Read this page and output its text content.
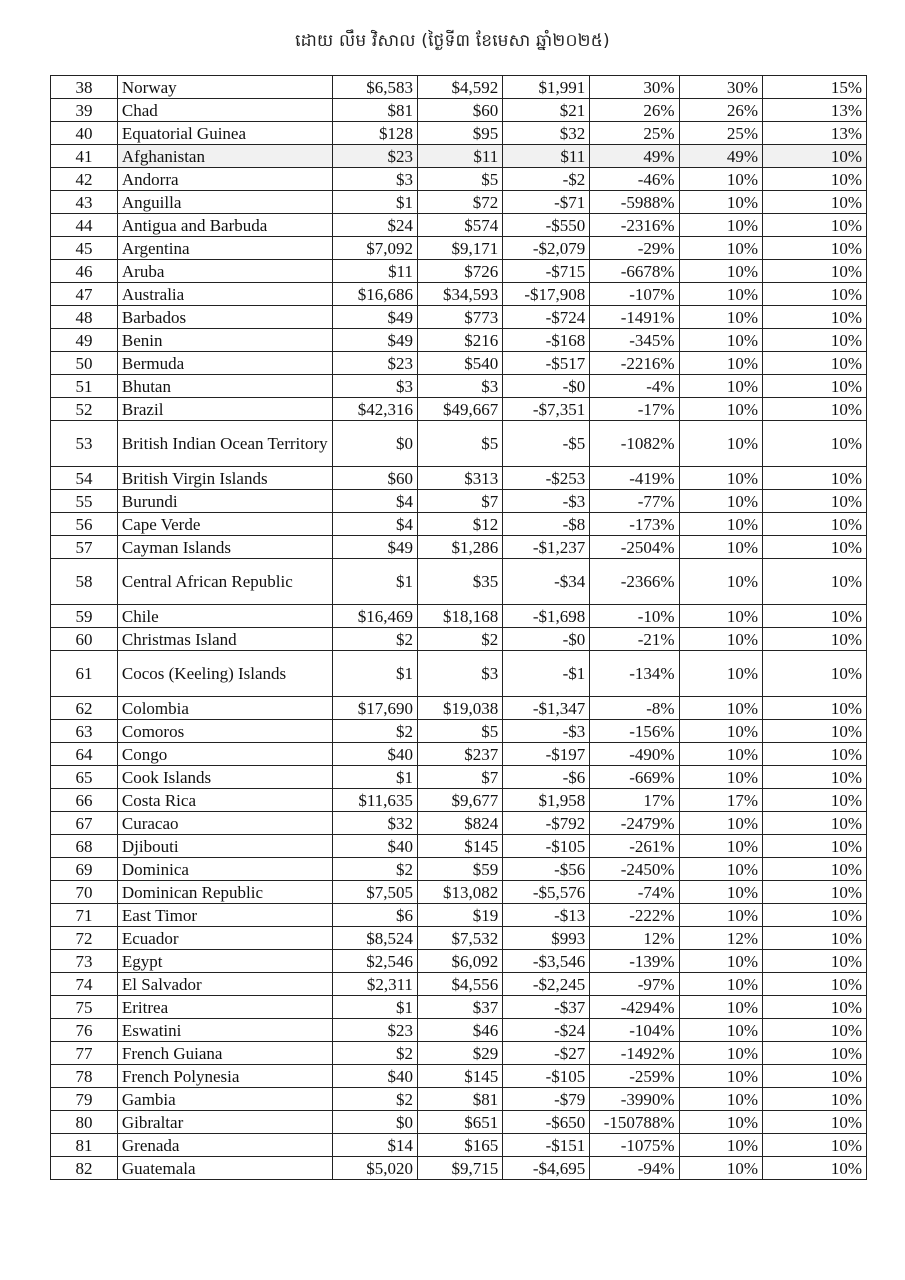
ដោយ លឹម វិសាល (ថ្ងៃទី៣ ខែមេសា ឆ្នាំ២០២៥)
38	Norway	$6,583	$4,592	$1,991	30%	30%	15%
39	Chad	$81	$60	$21	26%	26%	13%
40	Equatorial Guinea	$128	$95	$32	25%	25%	13%
41	Afghanistan	$23	$11	$11	49%	49%	10%
42	Andorra	$3	$5	-$2	-46%	10%	10%
43	Anguilla	$1	$72	-$71	-5988%	10%	10%
44	Antigua and Barbuda	$24	$574	-$550	-2316%	10%	10%
45	Argentina	$7,092	$9,171	-$2,079	-29%	10%	10%
46	Aruba	$11	$726	-$715	-6678%	10%	10%
47	Australia	$16,686	$34,593	-$17,908	-107%	10%	10%
48	Barbados	$49	$773	-$724	-1491%	10%	10%
49	Benin	$49	$216	-$168	-345%	10%	10%
50	Bermuda	$23	$540	-$517	-2216%	10%	10%
51	Bhutan	$3	$3	-$0	-4%	10%	10%
52	Brazil	$42,316	$49,667	-$7,351	-17%	10%	10%
53	British Indian Ocean Territory	$0	$5	-$5	-1082%	10%	10%
54	British Virgin Islands	$60	$313	-$253	-419%	10%	10%
55	Burundi	$4	$7	-$3	-77%	10%	10%
56	Cape Verde	$4	$12	-$8	-173%	10%	10%
57	Cayman Islands	$49	$1,286	-$1,237	-2504%	10%	10%
58	Central African Republic	$1	$35	-$34	-2366%	10%	10%
59	Chile	$16,469	$18,168	-$1,698	-10%	10%	10%
60	Christmas Island	$2	$2	-$0	-21%	10%	10%
61	Cocos (Keeling) Islands	$1	$3	-$1	-134%	10%	10%
62	Colombia	$17,690	$19,038	-$1,347	-8%	10%	10%
63	Comoros	$2	$5	-$3	-156%	10%	10%
64	Congo	$40	$237	-$197	-490%	10%	10%
65	Cook Islands	$1	$7	-$6	-669%	10%	10%
66	Costa Rica	$11,635	$9,677	$1,958	17%	17%	10%
67	Curacao	$32	$824	-$792	-2479%	10%	10%
68	Djibouti	$40	$145	-$105	-261%	10%	10%
69	Dominica	$2	$59	-$56	-2450%	10%	10%
70	Dominican Republic	$7,505	$13,082	-$5,576	-74%	10%	10%
71	East Timor	$6	$19	-$13	-222%	10%	10%
72	Ecuador	$8,524	$7,532	$993	12%	12%	10%
73	Egypt	$2,546	$6,092	-$3,546	-139%	10%	10%
74	El Salvador	$2,311	$4,556	-$2,245	-97%	10%	10%
75	Eritrea	$1	$37	-$37	-4294%	10%	10%
76	Eswatini	$23	$46	-$24	-104%	10%	10%
77	French Guiana	$2	$29	-$27	-1492%	10%	10%
78	French Polynesia	$40	$145	-$105	-259%	10%	10%
79	Gambia	$2	$81	-$79	-3990%	10%	10%
80	Gibraltar	$0	$651	-$650	-150788%	10%	10%
81	Grenada	$14	$165	-$151	-1075%	10%	10%
82	Guatemala	$5,020	$9,715	-$4,695	-94%	10%	10%
